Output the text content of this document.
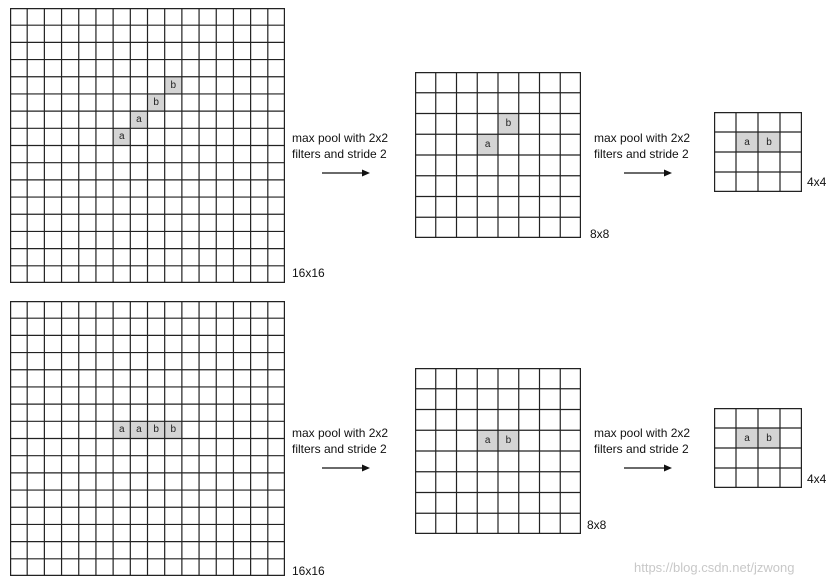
b
b
a
a	max pool with 2x2
filters and stride 2
b
a	max pool with 2x2
filters and stride 2
a	b
16x16
8x8
4x4
a	a	b	b	max pool with 2x2
filters and stride 2
a	b
max pool with 2x2
filters and stride 2
a	b
16x16
8x8
4x4
https://blog.csdn.net/jzwong
